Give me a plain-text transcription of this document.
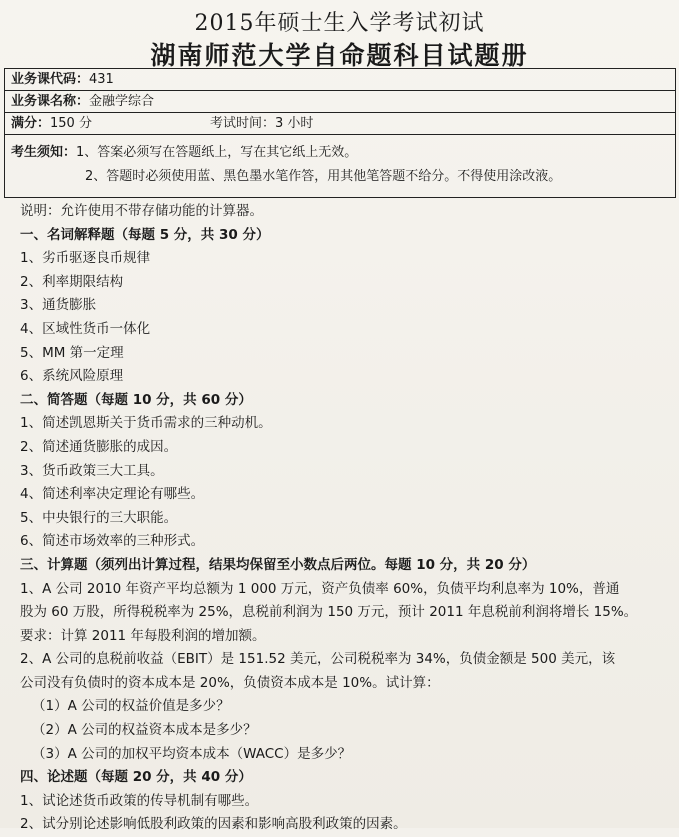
2015年硕士生入学考试初试
湖南师范大学自命题科目试题册
业务课代码：431
业务课名称：金融学综合
满分：150 分	考试时间：3 小时
考生须知：1、答案必须写在答题纸上，写在其它纸上无效。
2、答题时必须使用蓝、黑色墨水笔作答，用其他笔答题不给分。不得使用涂改液。
说明：允许使用不带存储功能的计算器。
一、名词解释题（每题 5 分，共 30 分）
1、劣币驱逐良币规律
2、利率期限结构
3、通货膨胀
4、区域性货币一体化
5、MM 第一定理
6、系统风险原理
二、简答题（每题 10 分，共 60 分）
1、简述凯恩斯关于货币需求的三种动机。
2、简述通货膨胀的成因。
3、货币政策三大工具。
4、简述利率决定理论有哪些。
5、中央银行的三大职能。
6、简述市场效率的三种形式。
三、计算题（须列出计算过程，结果均保留至小数点后两位。每题 10 分，共 20 分）
1、A 公司 2010 年资产平均总额为 1 000 万元，资产负债率 60%，负债平均利息率为 10%，普通
股为 60 万股，所得税税率为 25%，息税前利润为 150 万元，预计 2011 年息税前利润将增长 15%。
要求：计算 2011 年每股利润的增加额。
2、A 公司的息税前收益（EBIT）是 151.52 美元，公司税税率为 34%，负债金额是 500 美元，该
公司没有负债时的资本成本是 20%，负债资本成本是 10%。试计算：
（1）A 公司的权益价值是多少？
（2）A 公司的权益资本成本是多少？
（3）A 公司的加权平均资本成本（WACC）是多少？
四、论述题（每题 20 分，共 40 分）
1、试论述货币政策的传导机制有哪些。
2、试分别论述影响低股利政策的因素和影响高股利政策的因素。
